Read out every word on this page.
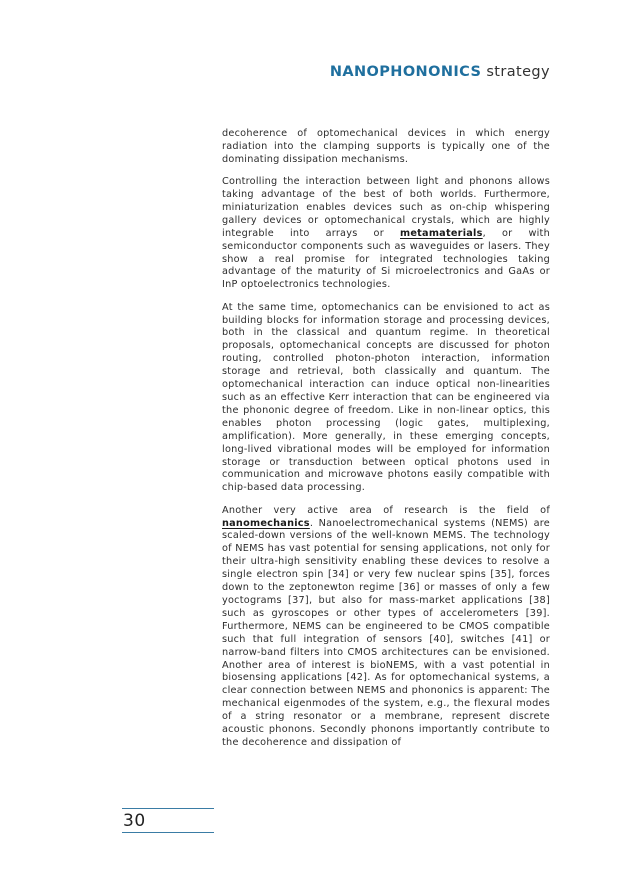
NANOPHONONICS strategy

decoherence of optomechanical devices in which energy radiation into the clamping supports is typically one of the dominating dissipation mechanisms.

Controlling the interaction between light and phonons allows taking advantage of the best of both worlds. Furthermore, miniaturization enables devices such as on-chip whispering gallery devices or optomechanical crystals, which are highly integrable into arrays or metamaterials, or with semiconductor components such as waveguides or lasers. They show a real promise for integrated technologies taking advantage of the maturity of Si microelectronics and GaAs or InP optoelectronics technologies.

At the same time, optomechanics can be envisioned to act as building blocks for information storage and processing devices, both in the classical and quantum regime. In theoretical proposals, optomechanical concepts are discussed for photon routing, controlled photon-photon interaction, information storage and retrieval, both classically and quantum. The optomechanical interaction can induce optical non-linearities such as an effective Kerr interaction that can be engineered via the phononic degree of freedom. Like in non-linear optics, this enables photon processing (logic gates, multiplexing, amplification). More generally, in these emerging concepts, long-lived vibrational modes will be employed for information storage or transduction between optical photons used in communication and microwave photons easily compatible with chip-based data processing.

Another very active area of research is the field of nanomechanics. Nanoelectromechanical systems (NEMS) are scaled-down versions of the well-known MEMS. The technology of NEMS has vast potential for sensing applications, not only for their ultra-high sensitivity enabling these devices to resolve a single electron spin [34] or very few nuclear spins [35], forces down to the zeptonewton regime [36] or masses of only a few yoctograms [37], but also for mass-market applications [38] such as gyroscopes or other types of accelerometers [39]. Furthermore, NEMS can be engineered to be CMOS compatible such that full integration of sensors [40], switches [41] or narrow-band filters into CMOS architectures can be envisioned. Another area of interest is bioNEMS, with a vast potential in biosensing applications [42]. As for optomechanical systems, a clear connection between NEMS and phononics is apparent: The mechanical eigenmodes of the system, e.g., the flexural modes of a string resonator or a membrane, represent discrete acoustic phonons. Secondly phonons importantly contribute to the decoherence and dissipation of

30
